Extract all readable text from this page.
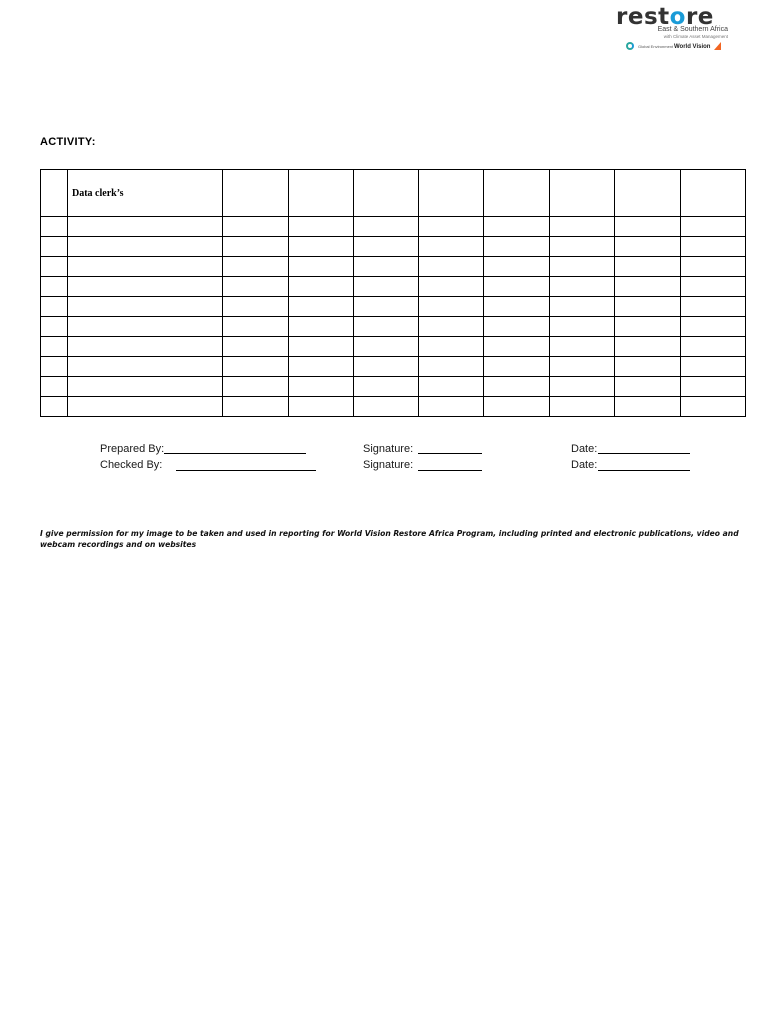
restore
East & Southern Africa
with Climate Asset Management
Global Environment World Vision
ACTIVITY:

	Data clerk’s								

Prepared By:	Signature:	Date:
Checked By:	Signature:	Date:
I give permission for my image to be taken and used in reporting for World Vision Restore Africa Program, including printed and electronic publications, video and webcam recordings and on websites
